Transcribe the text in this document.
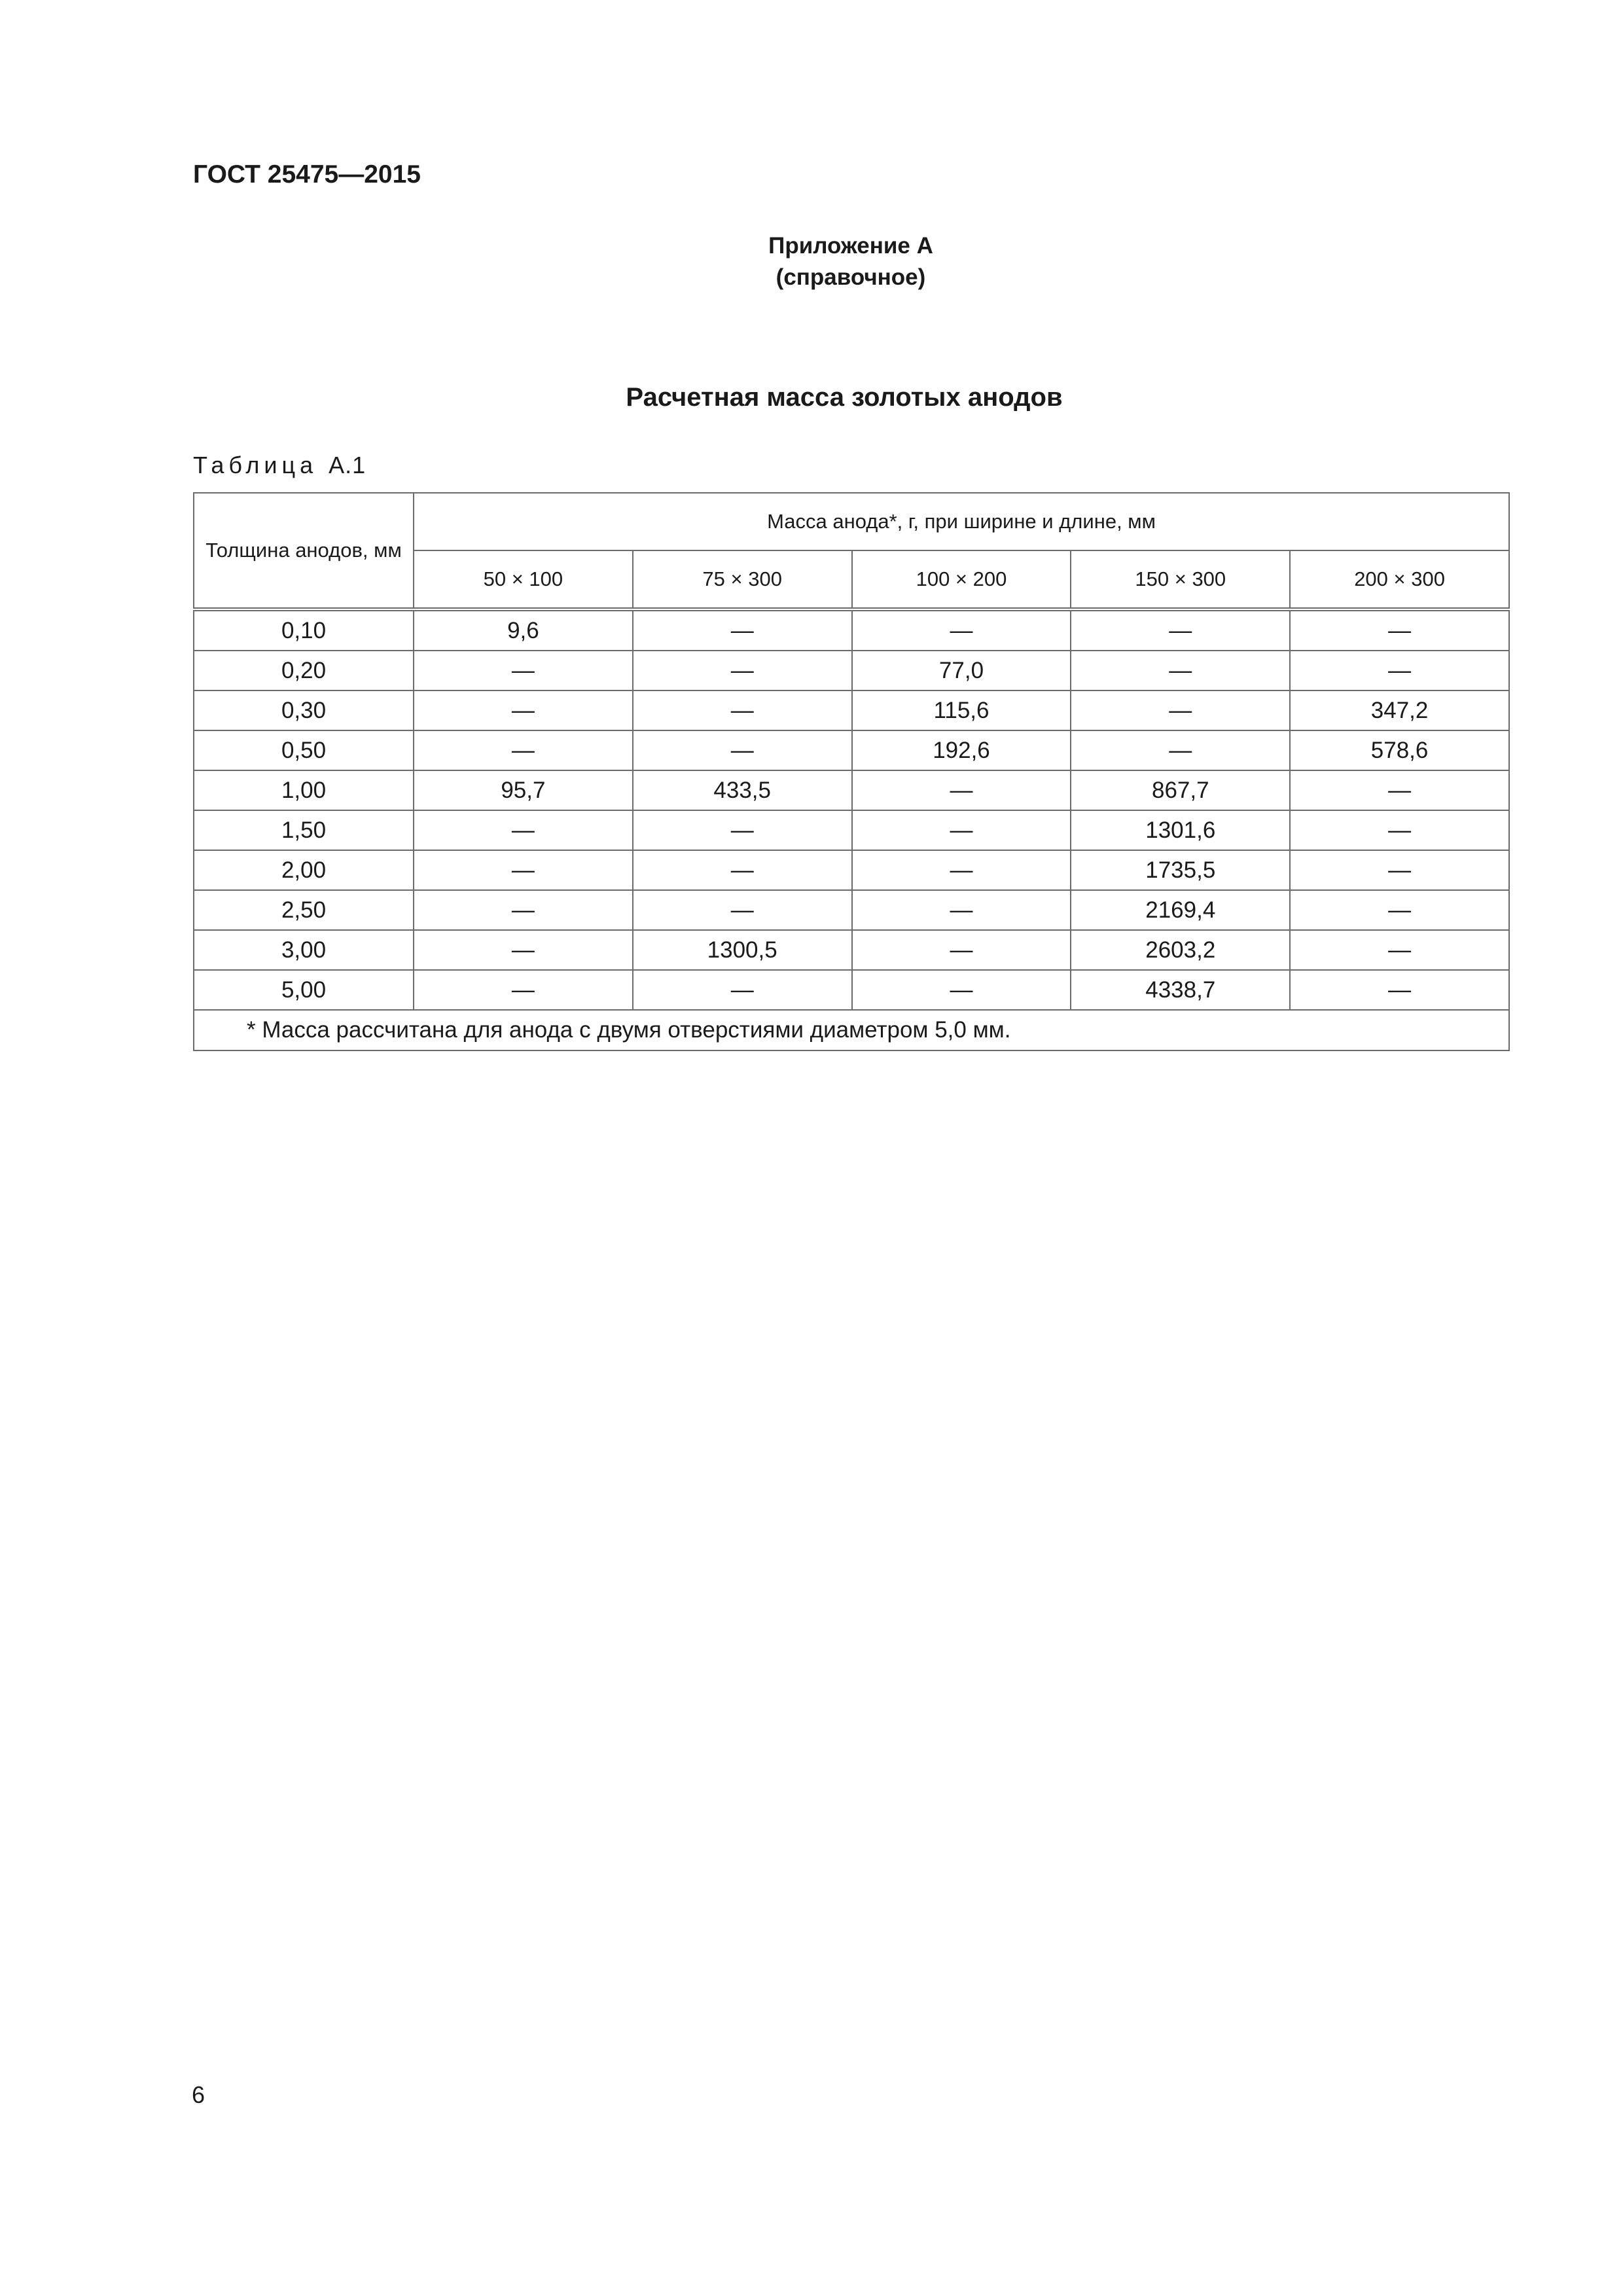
ГОСТ 25475—2015
Приложение А
(справочное)
Расчетная масса золотых анодов

Таблица А.1

Толщина анодов, мм	Масса анода*, г, при ширине и длине, мм				
	50 × 100	75 × 300	100 × 200	150 × 300	200 × 300
0,10	9,6	—	—	—	—
0,20	—	—	77,0	—	—
0,30	—	—	115,6	—	347,2
0,50	—	—	192,6	—	578,6
1,00	95,7	433,5	—	867,7	—
1,50	—	—	—	1301,6	—
2,00	—	—	—	1735,5	—
2,50	—	—	—	2169,4	—
3,00	—	1300,5	—	2603,2	—
5,00	—	—	—	4338,7	—
* Масса рассчитана для анода с двумя отверстиями диаметром 5,0 мм.					

6
